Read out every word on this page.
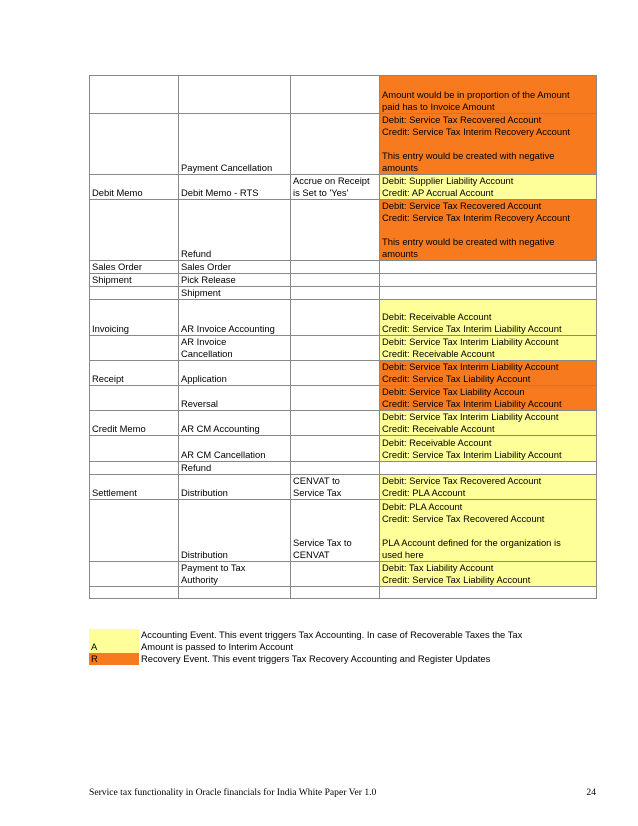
			Amount would be in proportion of the Amount
paid has to Invoice Amount
	Payment Cancellation		Debit: Service Tax Recovered Account
Credit: Service Tax Interim Recovery Account

This entry would be created with negative
amounts
Debit Memo	Debit Memo - RTS	Accrue on Receipt
is Set to 'Yes'	Debit: Supplier Liability Account
Credit: AP Accrual Account
	Refund		Debit: Service Tax Recovered Account
Credit: Service Tax Interim Recovery Account

This entry would be created with negative
amounts
Sales Order	Sales Order		
Shipment	Pick Release		
	Shipment		
Invoicing	AR Invoice Accounting		Debit: Receivable Account
Credit: Service Tax Interim Liability Account
	AR Invoice
Cancellation		Debit: Service Tax Interim Liability Account
Credit: Receivable Account
Receipt	Application		Debit: Service Tax Interim Liability Account
Credit: Service Tax Liability Account
	Reversal		Debit: Service Tax Liability Accoun
Credit: Service Tax Interim Liability Account
Credit Memo	AR CM Accounting		Debit: Service Tax Interim Liability Account
Credit: Receivable Account
	AR CM Cancellation		Debit: Receivable Account
Credit: Service Tax Interim Liability Account
	Refund		
Settlement	Distribution	CENVAT to
Service Tax	Debit: Service Tax Recovered Account
Credit: PLA Account
	Distribution	Service Tax to
CENVAT	Debit: PLA Account
Credit: Service Tax Recovered Account

PLA Account defined for the organization is
used here
	Payment to Tax
Authority		Debit: Tax Liability Account
Credit: Service Tax Liability Account

A	Accounting Event. This event triggers Tax Accounting. In case of Recoverable Taxes the Tax
Amount is passed to Interim Account
R	Recovery Event. This event triggers Tax Recovery Accounting and Register Updates
Service tax functionality in Oracle financials for India White Paper Ver 1.0	24
